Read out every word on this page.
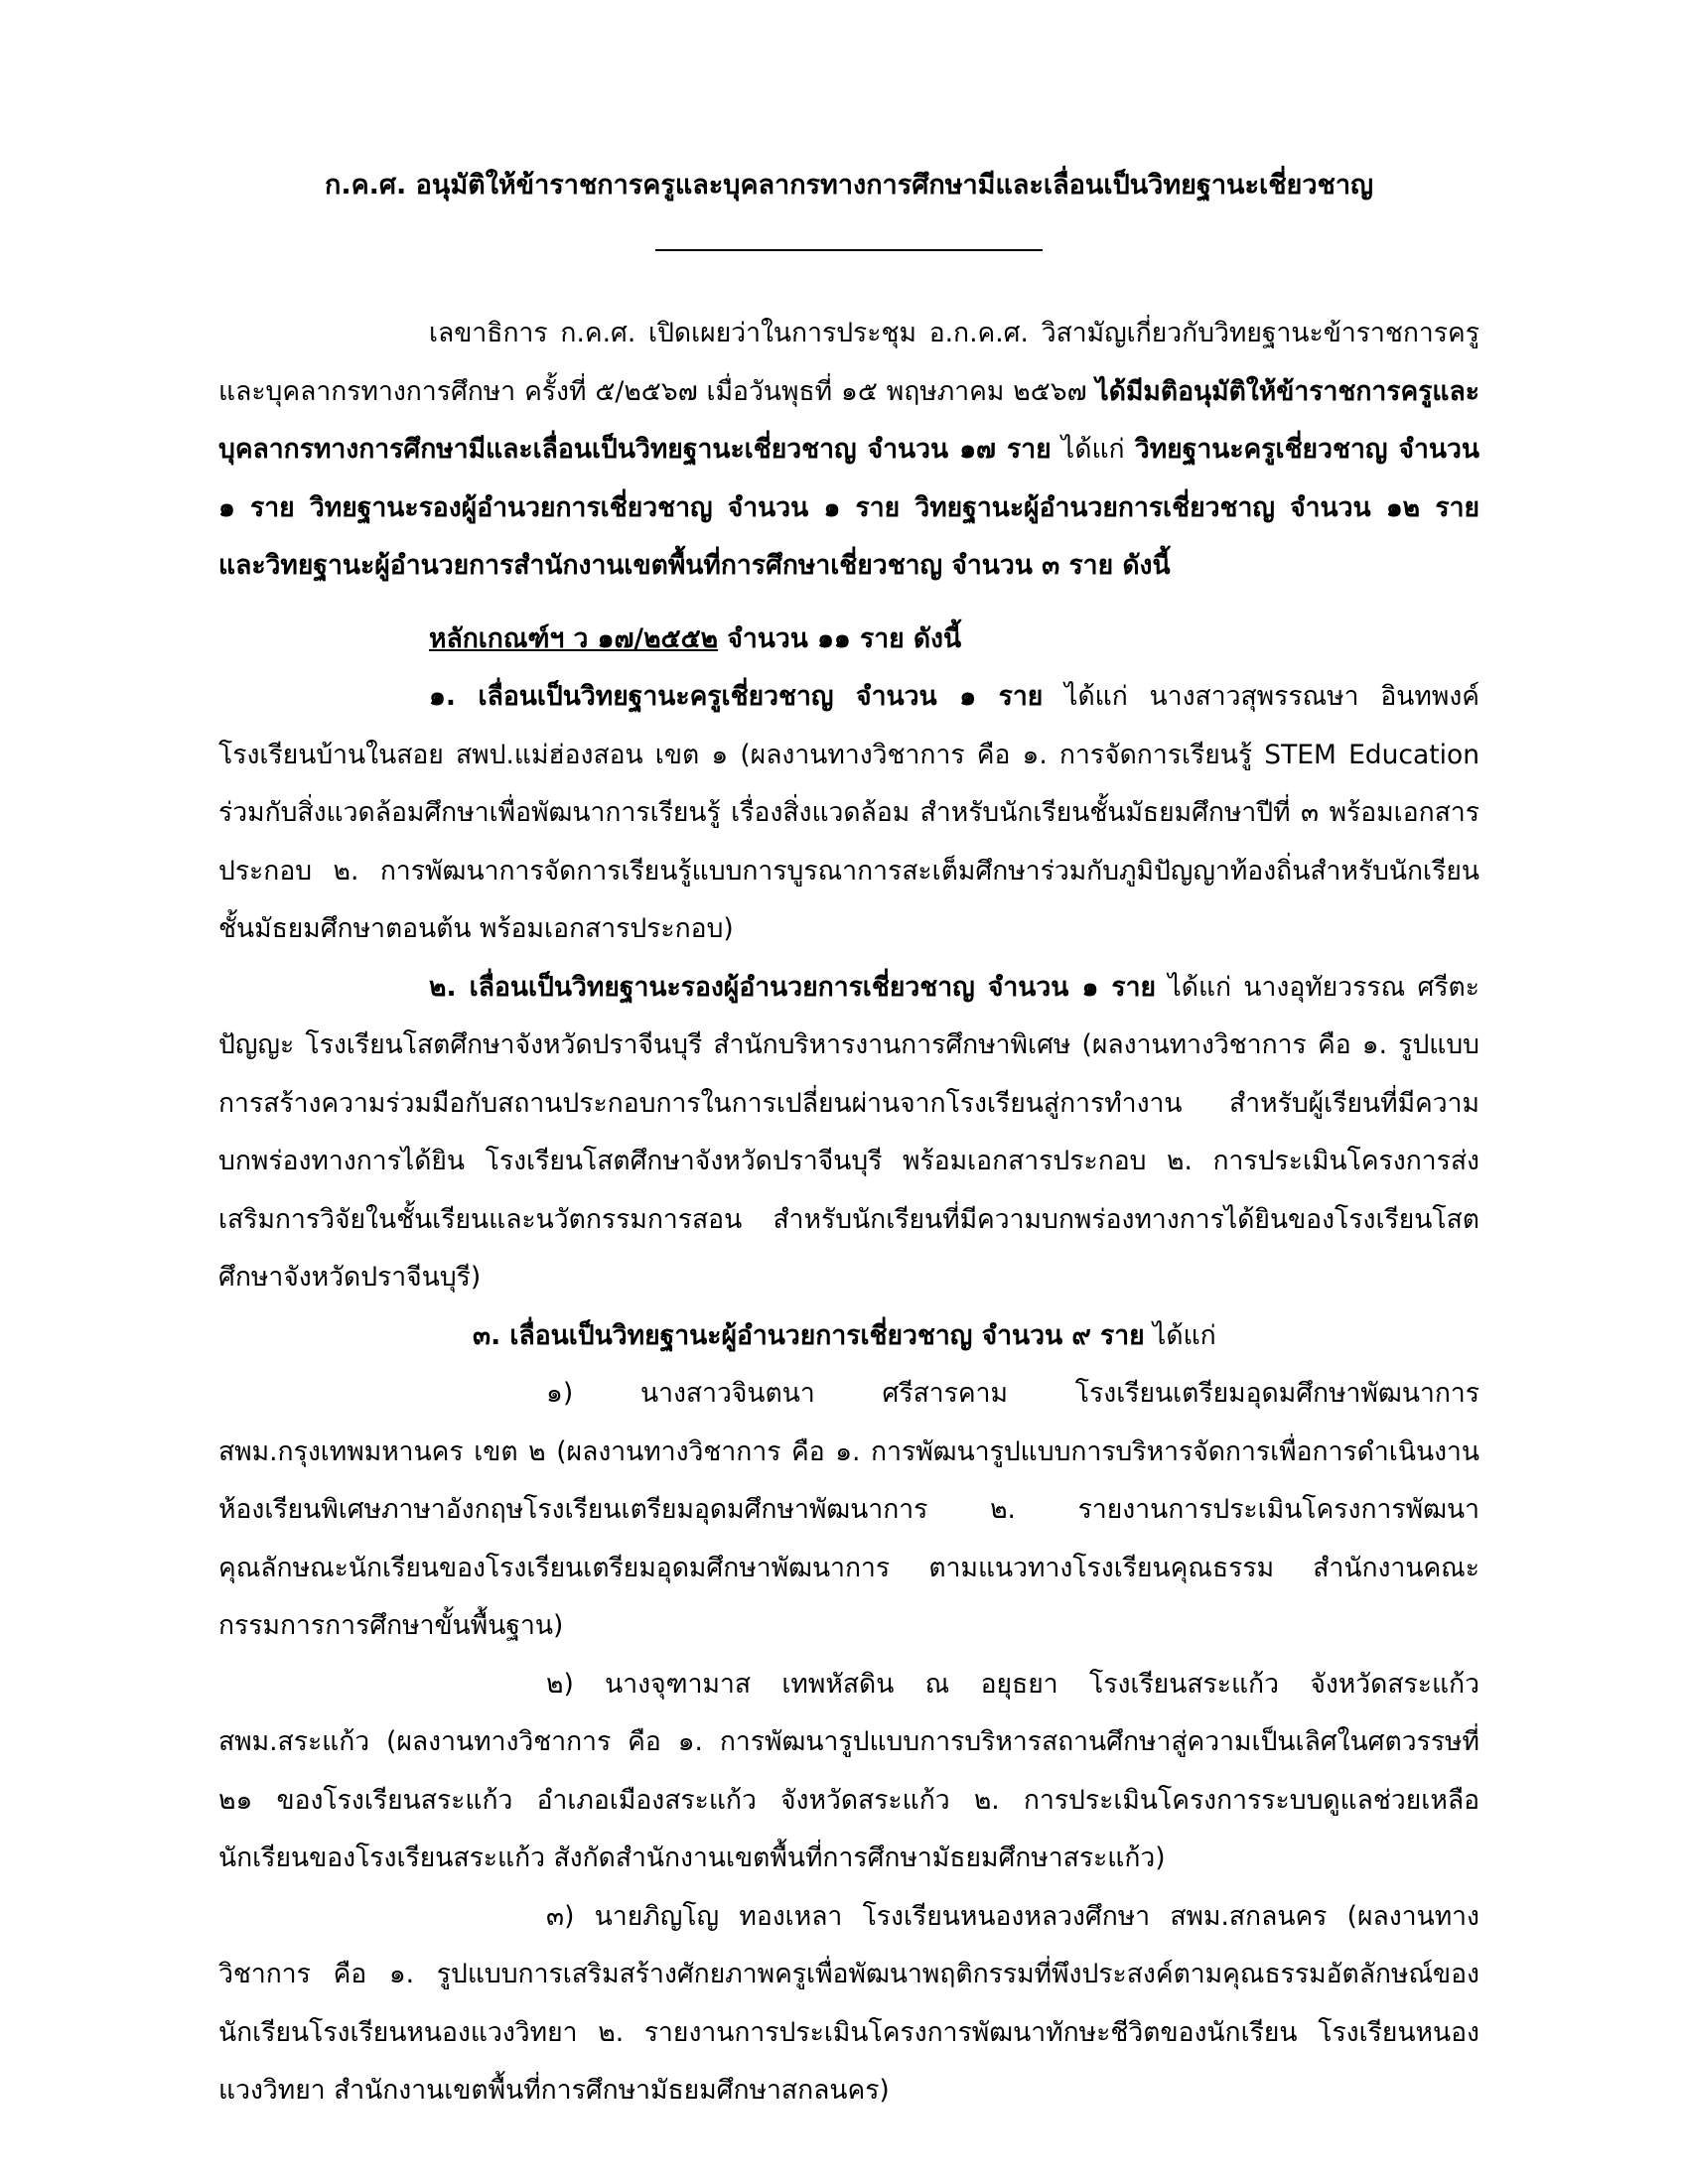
ก.ค.ศ. อนุมัติให้ข้าราชการครูและบุคลากรทางการศึกษามีและเลื่อนเป็นวิทยฐานะเชี่ยวชาญ

เลขาธิการ ก.ค.ศ. เปิดเผยว่าในการประชุม อ.ก.ค.ศ. วิสามัญเกี่ยวกับวิทยฐานะข้าราชการครูและบุคลากรทางการศึกษา ครั้งที่ ๕/๒๕๖๗ เมื่อวันพุธที่ ๑๕ พฤษภาคม ๒๕๖๗ ได้มีมติอนุมัติให้ข้าราชการครูและบุคลากรทางการศึกษามีและเลื่อนเป็นวิทยฐานะเชี่ยวชาญ จำนวน ๑๗ ราย ได้แก่ วิทยฐานะครูเชี่ยวชาญ จำนวน ๑ ราย วิทยฐานะรองผู้อำนวยการเชี่ยวชาญ จำนวน ๑ ราย วิทยฐานะผู้อำนวยการเชี่ยวชาญ จำนวน ๑๒ ราย และวิทยฐานะผู้อำนวยการสำนักงานเขตพื้นที่การศึกษาเชี่ยวชาญ จำนวน ๓ ราย ดังนี้

หลักเกณฑ์ฯ ว ๑๗/๒๕๕๒ จำนวน ๑๑ ราย ดังนี้

๑. เลื่อนเป็นวิทยฐานะครูเชี่ยวชาญ จำนวน ๑ ราย ได้แก่ นางสาวสุพรรณษา อินทพงค์ โรงเรียนบ้านในสอย สพป.แม่ฮ่องสอน เขต ๑ (ผลงานทางวิชาการ คือ ๑. การจัดการเรียนรู้ STEM Education ร่วมกับสิ่งแวดล้อมศึกษาเพื่อพัฒนาการเรียนรู้ เรื่องสิ่งแวดล้อม สำหรับนักเรียนชั้นมัธยมศึกษาปีที่ ๓ พร้อมเอกสารประกอบ ๒. การพัฒนาการจัดการเรียนรู้แบบการบูรณาการสะเต็มศึกษาร่วมกับภูมิปัญญาท้องถิ่นสำหรับนักเรียนชั้นมัธยมศึกษาตอนต้น พร้อมเอกสารประกอบ)

๒. เลื่อนเป็นวิทยฐานะรองผู้อำนวยการเชี่ยวชาญ จำนวน ๑ ราย ได้แก่ นางอุทัยวรรณ ศรีตะปัญญะ โรงเรียนโสตศึกษาจังหวัดปราจีนบุรี สำนักบริหารงานการศึกษาพิเศษ (ผลงานทางวิชาการ คือ ๑. รูปแบบการสร้างความร่วมมือกับสถานประกอบการในการเปลี่ยนผ่านจากโรงเรียนสู่การทำงาน สำหรับผู้เรียนที่มีความบกพร่องทางการได้ยิน โรงเรียนโสตศึกษาจังหวัดปราจีนบุรี พร้อมเอกสารประกอบ ๒. การประเมินโครงการส่งเสริมการวิจัยในชั้นเรียนและนวัตกรรมการสอน สำหรับนักเรียนที่มีความบกพร่องทางการได้ยินของโรงเรียนโสตศึกษาจังหวัดปราจีนบุรี)

๓. เลื่อนเป็นวิทยฐานะผู้อำนวยการเชี่ยวชาญ จำนวน ๙ ราย ได้แก่

๑) นางสาวจินตนา ศรีสารคาม โรงเรียนเตรียมอุดมศึกษาพัฒนาการ สพม.กรุงเทพมหานคร เขต ๒ (ผลงานทางวิชาการ คือ ๑. การพัฒนารูปแบบการบริหารจัดการเพื่อการดำเนินงานห้องเรียนพิเศษภาษาอังกฤษโรงเรียนเตรียมอุดมศึกษาพัฒนาการ ๒. รายงานการประเมินโครงการพัฒนาคุณลักษณะนักเรียนของโรงเรียนเตรียมอุดมศึกษาพัฒนาการ ตามแนวทางโรงเรียนคุณธรรม สำนักงานคณะกรรมการการศึกษาขั้นพื้นฐาน)

๒) นางจุฑามาส เทพหัสดิน ณ อยุธยา โรงเรียนสระแก้ว จังหวัดสระแก้ว สพม.สระแก้ว (ผลงานทางวิชาการ คือ ๑. การพัฒนารูปแบบการบริหารสถานศึกษาสู่ความเป็นเลิศในศตวรรษที่ ๒๑ ของโรงเรียนสระแก้ว อำเภอเมืองสระแก้ว จังหวัดสระแก้ว ๒. การประเมินโครงการระบบดูแลช่วยเหลือนักเรียนของโรงเรียนสระแก้ว สังกัดสำนักงานเขตพื้นที่การศึกษามัธยมศึกษาสระแก้ว)

๓) นายภิญโญ ทองเหลา โรงเรียนหนองหลวงศึกษา สพม.สกลนคร (ผลงานทางวิชาการ คือ ๑. รูปแบบการเสริมสร้างศักยภาพครูเพื่อพัฒนาพฤติกรรมที่พึงประสงค์ตามคุณธรรมอัตลักษณ์ของนักเรียนโรงเรียนหนองแวงวิทยา ๒. รายงานการประเมินโครงการพัฒนาทักษะชีวิตของนักเรียน โรงเรียนหนองแวงวิทยา สำนักงานเขตพื้นที่การศึกษามัธยมศึกษาสกลนคร)
